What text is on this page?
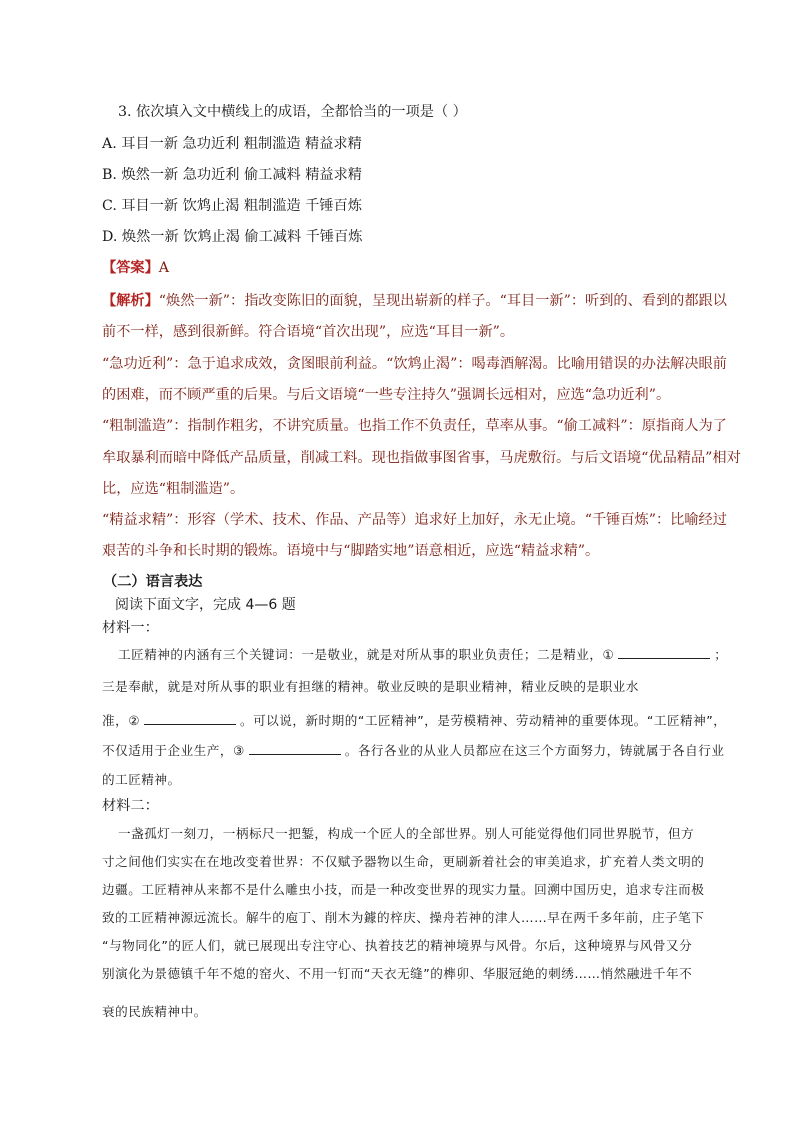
3. 依次填入文中横线上的成语，全都恰当的一项是（ ）
A. 耳目一新 急功近利 粗制滥造 精益求精
B. 焕然一新 急功近利 偷工减料 精益求精
C. 耳目一新 饮鸩止渴 粗制滥造 千锤百炼
D. 焕然一新 饮鸩止渴 偷工减料 千锤百炼
【答案】A
【解析】“焕然一新”：指改变陈旧的面貌，呈现出崭新的样子。“耳目一新”：听到的、看到的都跟以
前不一样，感到很新鲜。符合语境“首次出现”，应选“耳目一新”。
“急功近利”：急于追求成效，贪图眼前利益。“饮鸩止渴”：喝毒酒解渴。比喻用错误的办法解决眼前
的困难，而不顾严重的后果。与后文语境“一些专注持久”强调长远相对，应选“急功近利”。
“粗制滥造”：指制作粗劣，不讲究质量。也指工作不负责任，草率从事。“偷工减料”：原指商人为了
牟取暴利而暗中降低产品质量，削减工料。现也指做事图省事，马虎敷衍。与后文语境“优品精品”相对
比，应选“粗制滥造”。
“精益求精”：形容（学术、技术、作品、产品等）追求好上加好，永无止境。“千锤百炼”：比喻经过
艰苦的斗争和长时期的锻炼。语境中与“脚踏实地”语意相近，应选“精益求精”。
（二）语言表达
阅读下面文字，完成 4—6 题
材料一：
工匠精神的内涵有三个关键词：一是敬业，就是对所从事的职业负责任；二是精业，①	；
三是奉献，就是对所从事的职业有担继的精神。敬业反映的是职业精神，精业反映的是职业水
准，②	。可以说，新时期的“工匠精神”，是劳模精神、劳动精神的重要体现。“工匠精神”，
不仅适用于企业生产，③	。各行各业的从业人员都应在这三个方面努力，铸就属于各自行业
的工匠精神。
材料二：
一盏孤灯一刻刀，一柄标尺一把錾，构成一个匠人的全部世界。别人可能觉得他们同世界脱节，但方
寸之间他们实实在在地改变着世界：不仅赋予器物以生命，更刷新着社会的审美追求，扩充着人类文明的
边疆。工匠精神从来都不是什么雕虫小技，而是一种改变世界的现实力量。回溯中国历史，追求专注而极
致的工匠精神源远流长。解牛的庖丁、削木为鐻的梓庆、操舟若神的津人……早在两千多年前，庄子笔下
“与物同化”的匠人们，就已展现出专注守心、执着技艺的精神境界与风骨。尔后，这种境界与风骨又分
别演化为景德镇千年不熄的窑火、不用一钉而“天衣无缝”的榫卯、华服冠絶的刺绣……悄然融进千年不
衰的民族精神中。
